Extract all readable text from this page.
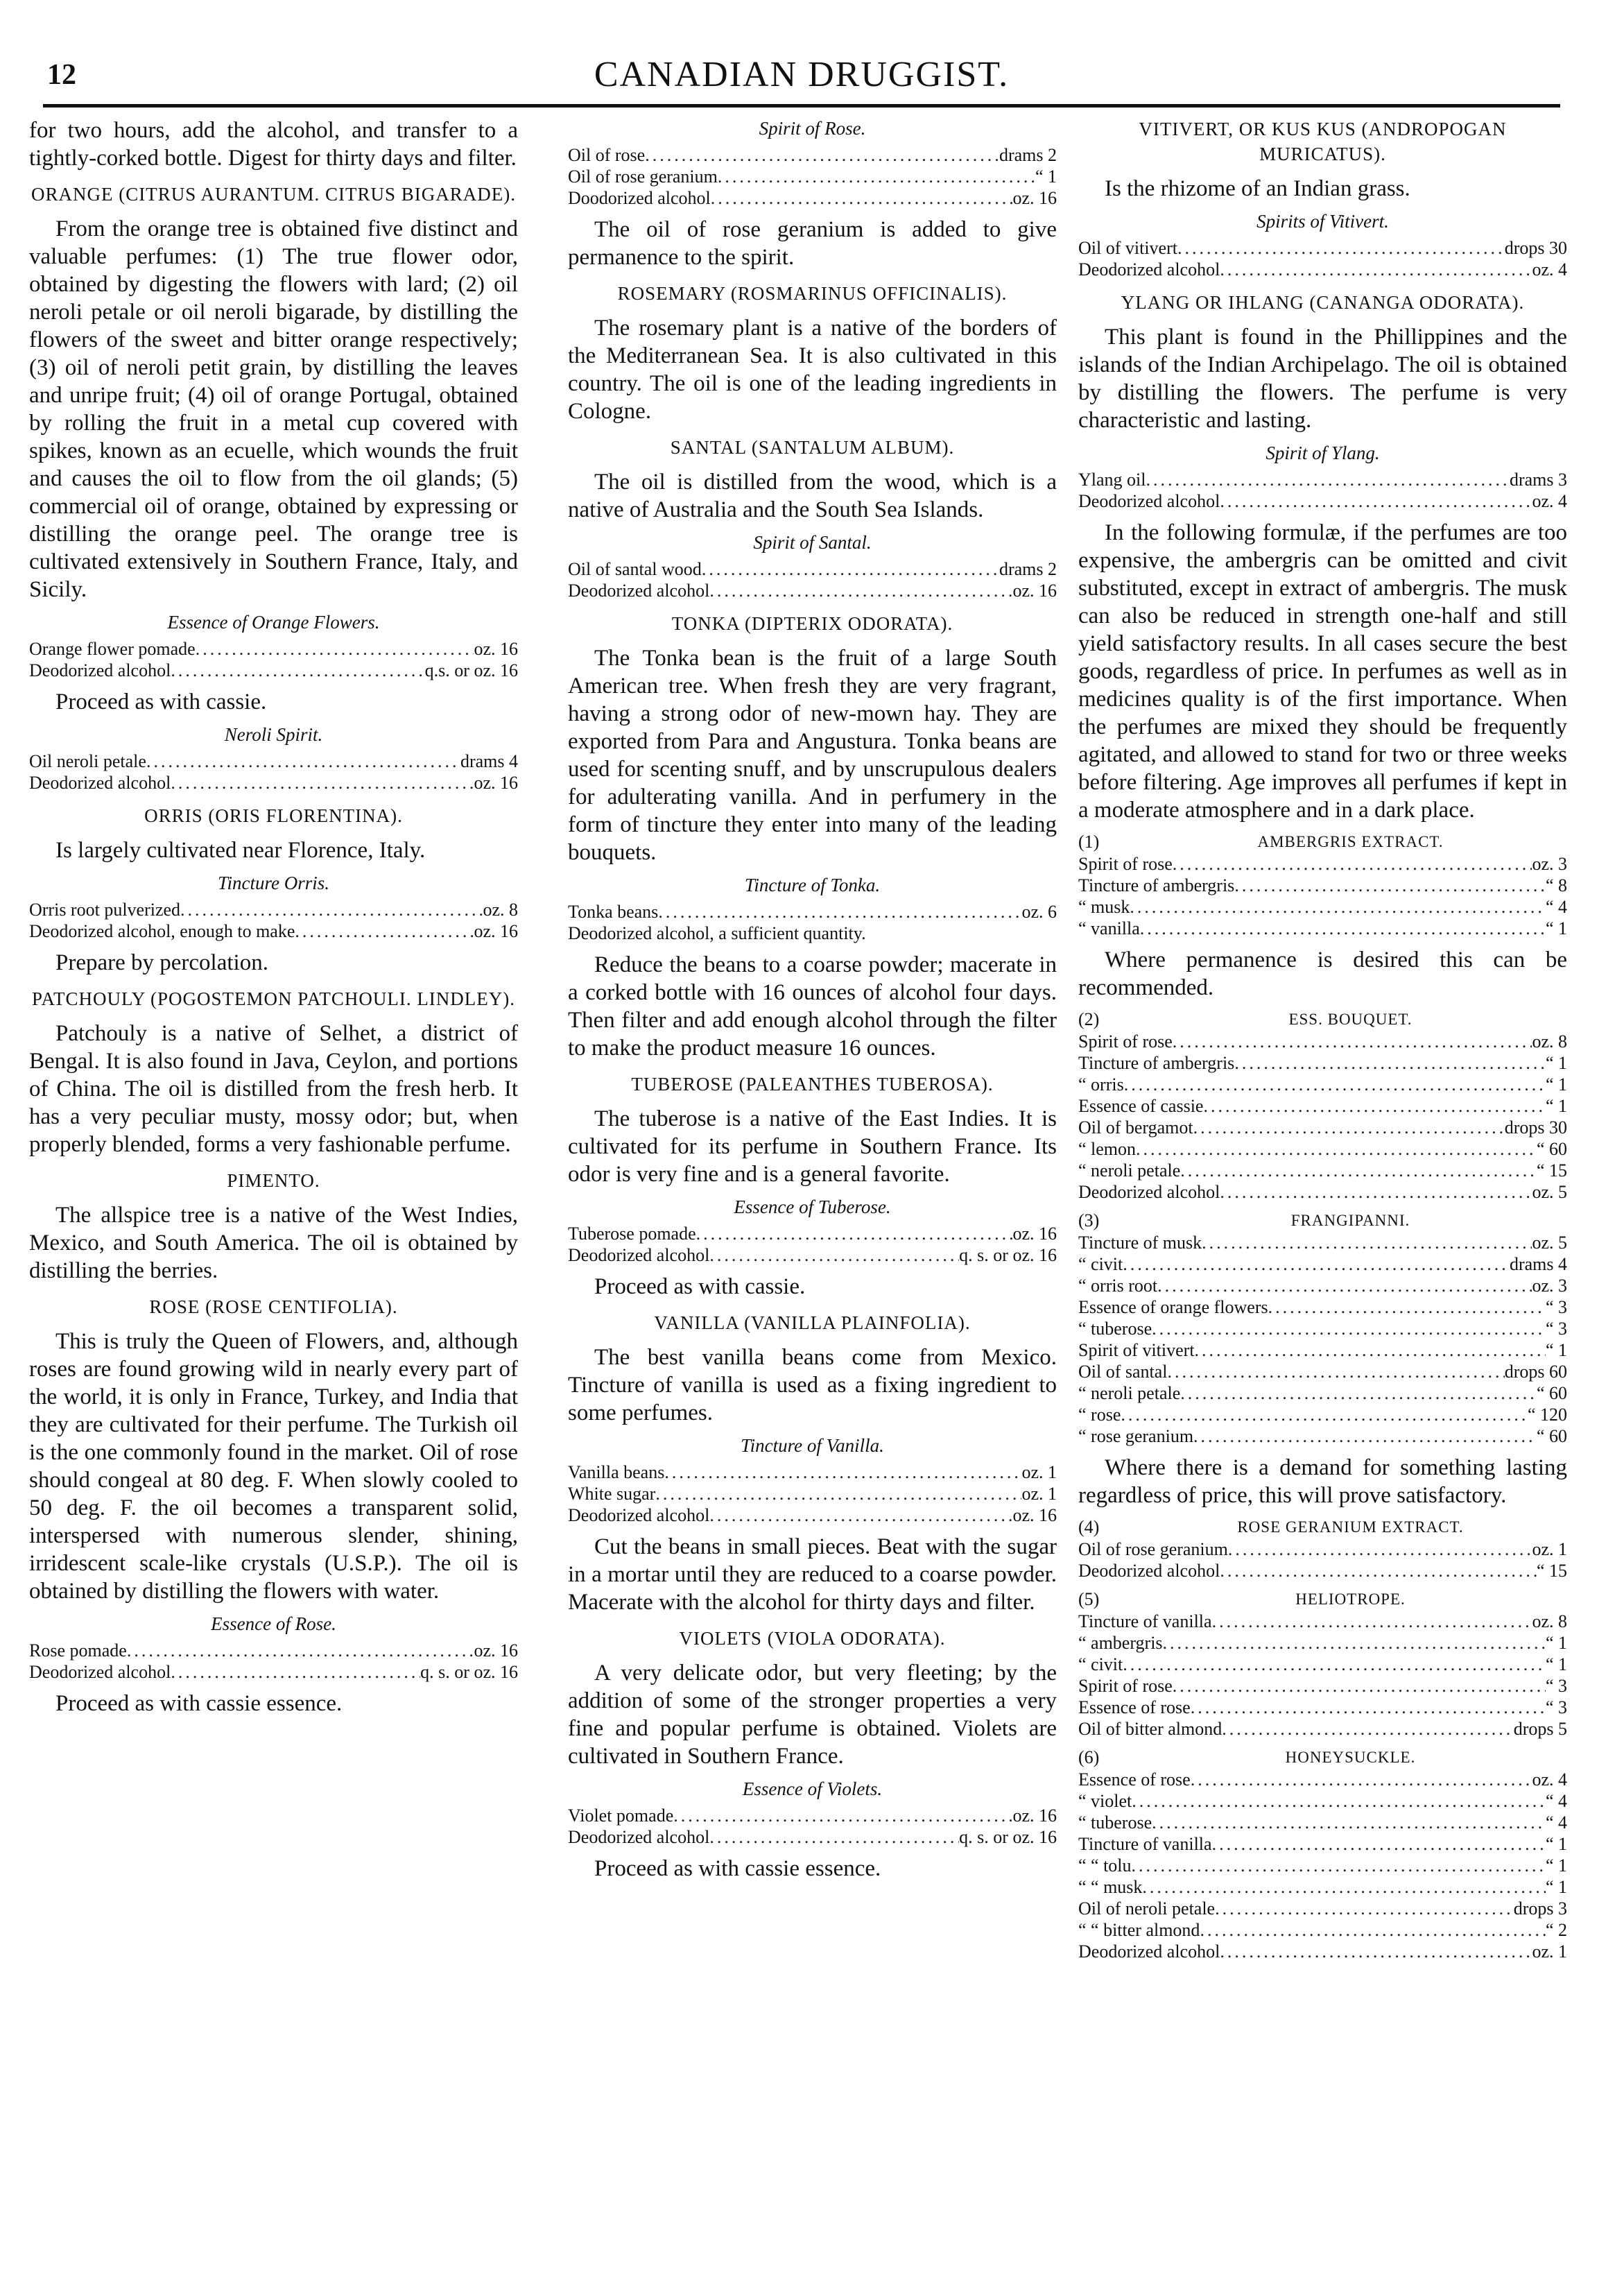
12	CANADIAN DRUGGIST.

for two hours, add the alcohol, and transfer to a tightly-corked bottle. Digest for thirty days and filter.

ORANGE (CITRUS AURANTUM. CITRUS BIGARADE).

From the orange tree is obtained five distinct and valuable perfumes: (1) The true flower odor, obtained by digesting the flowers with lard; (2) oil neroli petale or oil neroli bigarade, by distilling the flowers of the sweet and bitter orange respectively; (3) oil of neroli petit grain, by distilling the leaves and unripe fruit; (4) oil of orange Portugal, obtained by rolling the fruit in a metal cup covered with spikes, known as an ecuelle, which wounds the fruit and causes the oil to flow from the oil glands; (5) commercial oil of orange, obtained by expressing or distilling the orange peel. The orange tree is cultivated extensively in Southern France, Italy, and Sicily.

Essence of Orange Flowers.
Orange flower pomade .....	oz. 16
Deodorized alcohol .....	q.s. or oz. 16

Proceed as with cassie.

Neroli Spirit.
Oil neroli petale .....	drams 4
Deodorized alcohol .....	oz. 16
ORRIS (ORIS FLORENTINA).

Is largely cultivated near Florence, Italy.

Tincture Orris.
Orris root pulverized .....	oz. 8
Deodorized alcohol, enough to make .....	oz. 16

Prepare by percolation.

PATCHOULY (POGOSTEMON PATCHOULI. LINDLEY).

Patchouly is a native of Selhet, a district of Bengal. It is also found in Java, Ceylon, and portions of China. The oil is distilled from the fresh herb. It has a very peculiar musty, mossy odor; but, when properly blended, forms a very fashionable perfume.

PIMENTO.

The allspice tree is a native of the West Indies, Mexico, and South America. The oil is obtained by distilling the berries.

ROSE (ROSE CENTIFOLIA).

This is truly the Queen of Flowers, and, although roses are found growing wild in nearly every part of the world, it is only in France, Turkey, and India that they are cultivated for their perfume. The Turkish oil is the one commonly found in the market. Oil of rose should congeal at 80 deg. F. When slowly cooled to 50 deg. F. the oil becomes a transparent solid, interspersed with numerous slender, shining, irridescent scale-like crystals (U.S.P.). The oil is obtained by distilling the flowers with water.

Essence of Rose.
Rose pomade .....	oz. 16
Deodorized alcohol .....	q. s. or oz. 16

Proceed as with cassie essence.

Spirit of Rose.
Oil of rose .....	drams 2
Oil of rose geranium .....	“ 1
Doodorized alcohol .....	oz. 16

The oil of rose geranium is added to give permanence to the spirit.

ROSEMARY (ROSMARINUS OFFICINALIS).

The rosemary plant is a native of the borders of the Mediterranean Sea. It is also cultivated in this country. The oil is one of the leading ingredients in Cologne.

SANTAL (SANTALUM ALBUM).

The oil is distilled from the wood, which is a native of Australia and the South Sea Islands.

Spirit of Santal.
Oil of santal wood .....	drams 2
Deodorized alcohol .....	oz. 16
TONKA (DIPTERIX ODORATA).

The Tonka bean is the fruit of a large South American tree. When fresh they are very fragrant, having a strong odor of new-mown hay. They are exported from Para and Angustura. Tonka beans are used for scenting snuff, and by unscrupulous dealers for adulterating vanilla. And in perfumery in the form of tincture they enter into many of the leading bouquets.

Tincture of Tonka.
Tonka beans .....	oz. 6
Deodorized alcohol, a sufficient quantity.

Reduce the beans to a coarse powder; macerate in a corked bottle with 16 ounces of alcohol four days. Then filter and add enough alcohol through the filter to make the product measure 16 ounces.

TUBEROSE (PALEANTHES TUBEROSA).

The tuberose is a native of the East Indies. It is cultivated for its perfume in Southern France. Its odor is very fine and is a general favorite.

Essence of Tuberose.
Tuberose pomade .....	oz. 16
Deodorized alcohol .....	q. s. or oz. 16

Proceed as with cassie.

VANILLA (VANILLA PLAINFOLIA).

The best vanilla beans come from Mexico. Tincture of vanilla is used as a fixing ingredient to some perfumes.

Tincture of Vanilla.
Vanilla beans .....	oz. 1
White sugar .....	oz. 1
Deodorized alcohol .....	oz. 16

Cut the beans in small pieces. Beat with the sugar in a mortar until they are reduced to a coarse powder. Macerate with the alcohol for thirty days and filter.

VIOLETS (VIOLA ODORATA).

A very delicate odor, but very fleeting; by the addition of some of the stronger properties a very fine and popular perfume is obtained. Violets are cultivated in Southern France.

Essence of Violets.
Violet pomade .....	oz. 16
Deodorized alcohol .....	q. s. or oz. 16

Proceed as with cassie essence.

VITIVERT, OR KUS KUS (ANDROPOGAN MURICATUS).

Is the rhizome of an Indian grass.

Spirits of Vitivert.
Oil of vitivert .....	drops 30
Deodorized alcohol .....	oz. 4
YLANG OR IHLANG (CANANGA ODORATA).

This plant is found in the Phillippines and the islands of the Indian Archipelago. The oil is obtained by distilling the flowers. The perfume is very characteristic and lasting.

Spirit of Ylang.
Ylang oil .....	drams 3
Deodorized alcohol .....	oz. 4

In the following formulæ, if the perfumes are too expensive, the ambergris can be omitted and civit substituted, except in extract of ambergris. The musk can also be reduced in strength one-half and still yield satisfactory results. In all cases secure the best goods, regardless of price. In perfumes as well as in medicines quality is of the first importance. When the perfumes are mixed they should be frequently agitated, and allowed to stand for two or three weeks before filtering. Age improves all perfumes if kept in a moderate atmosphere and in a dark place.

(1)	AMBERGRIS EXTRACT.
Spirit of rose .....	oz. 3
Tincture of ambergris .....	“ 8
“ musk .....	“ 4
“ vanilla .....	“ 1

Where permanence is desired this can be recommended.

(2)	ESS. BOUQUET.
Spirit of rose .....	oz. 8
Tincture of ambergris .....	“ 1
“ orris .....	“ 1
Essence of cassie .....	“ 1
Oil of bergamot .....	drops 30
“ lemon .....	“ 60
“ neroli petale .....	“ 15
Deodorized alcohol .....	oz. 5
(3)	FRANGIPANNI.
Tincture of musk .....	oz. 5
“ civit .....	drams 4
“ orris root .....	oz. 3
Essence of orange flowers .....	“ 3
“ tuberose .....	“ 3
Spirit of vitivert .....	“ 1
Oil of santal .....	drops 60
“ neroli petale .....	“ 60
“ rose .....	“ 120
“ rose geranium .....	“ 60

Where there is a demand for something lasting regardless of price, this will prove satisfactory.

(4)	ROSE GERANIUM EXTRACT.
Oil of rose geranium .....	oz. 1
Deodorized alcohol .....	“ 15
(5)	HELIOTROPE.
Tincture of vanilla .....	oz. 8
“ ambergris .....	“ 1
“ civit .....	“ 1
Spirit of rose .....	“ 3
Essence of rose .....	“ 3
Oil of bitter almond .....	drops 5
(6)	HONEYSUCKLE.
Essence of rose .....	oz. 4
“ violet .....	“ 4
“ tuberose .....	“ 4
Tincture of vanilla .....	“ 1
“ “ tolu .....	“ 1
“ “ musk .....	“ 1
Oil of neroli petale .....	drops 3
“ “ bitter almond .....	“ 2
Deodorized alcohol .....	oz. 1
